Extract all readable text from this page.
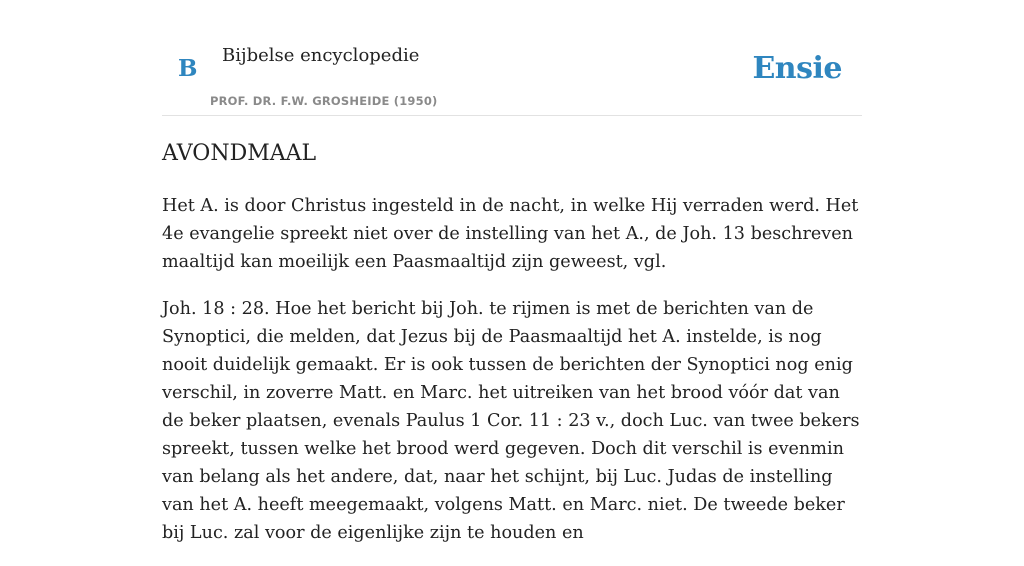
B Bijbelse encyclopedie
PROF. DR. F.W. GROSHEIDE (1950)
Ensie
AVONDMAAL

Het A. is door Christus ingesteld in de nacht, in welke Hij verraden werd. Het 4e evangelie spreekt niet over de instelling van het A., de Joh. 13 beschreven maaltijd kan moeilijk een Paasmaaltijd zijn geweest, vgl.

Joh. 18 : 28. Hoe het bericht bij Joh. te rijmen is met de berichten van de Synoptici, die melden, dat Jezus bij de Paasmaaltijd het A. instelde, is nog nooit duidelijk gemaakt. Er is ook tussen de berichten der Synoptici nog enig verschil, in zoverre Matt. en Marc. het uitreiken van het brood vóór dat van de beker plaatsen, evenals Paulus 1 Cor. 11 : 23 v., doch Luc. van twee bekers spreekt, tussen welke het brood werd gegeven. Doch dit verschil is evenmin van belang als het andere, dat, naar het schijnt, bij Luc. Judas de instelling van het A. heeft meegemaakt, volgens Matt. en Marc. niet. De tweede beker bij Luc. zal voor de eigenlijke zijn te houden en
